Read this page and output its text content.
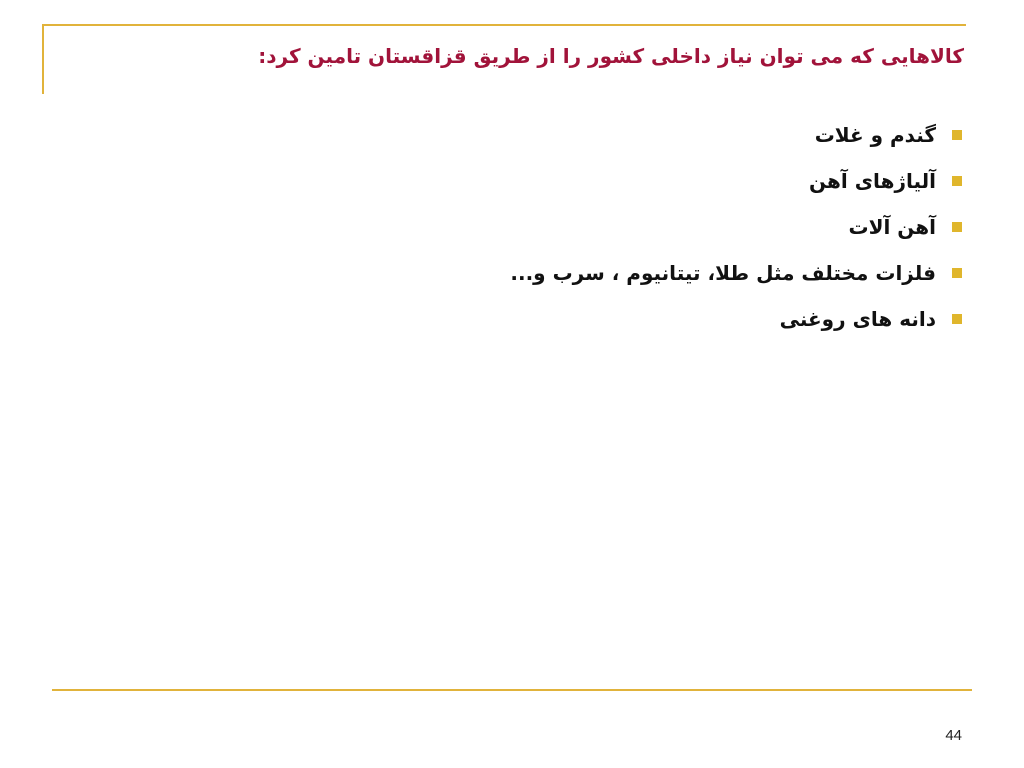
کالاهایی که می توان نیاز داخلی کشور را از طریق قزاقستان تامین کرد:
گندم و غلات
آلیاژهای آهن
آهن آلات
فلزات مختلف مثل طلا، تیتانیوم ، سرب و...
دانه های روغنی
44
